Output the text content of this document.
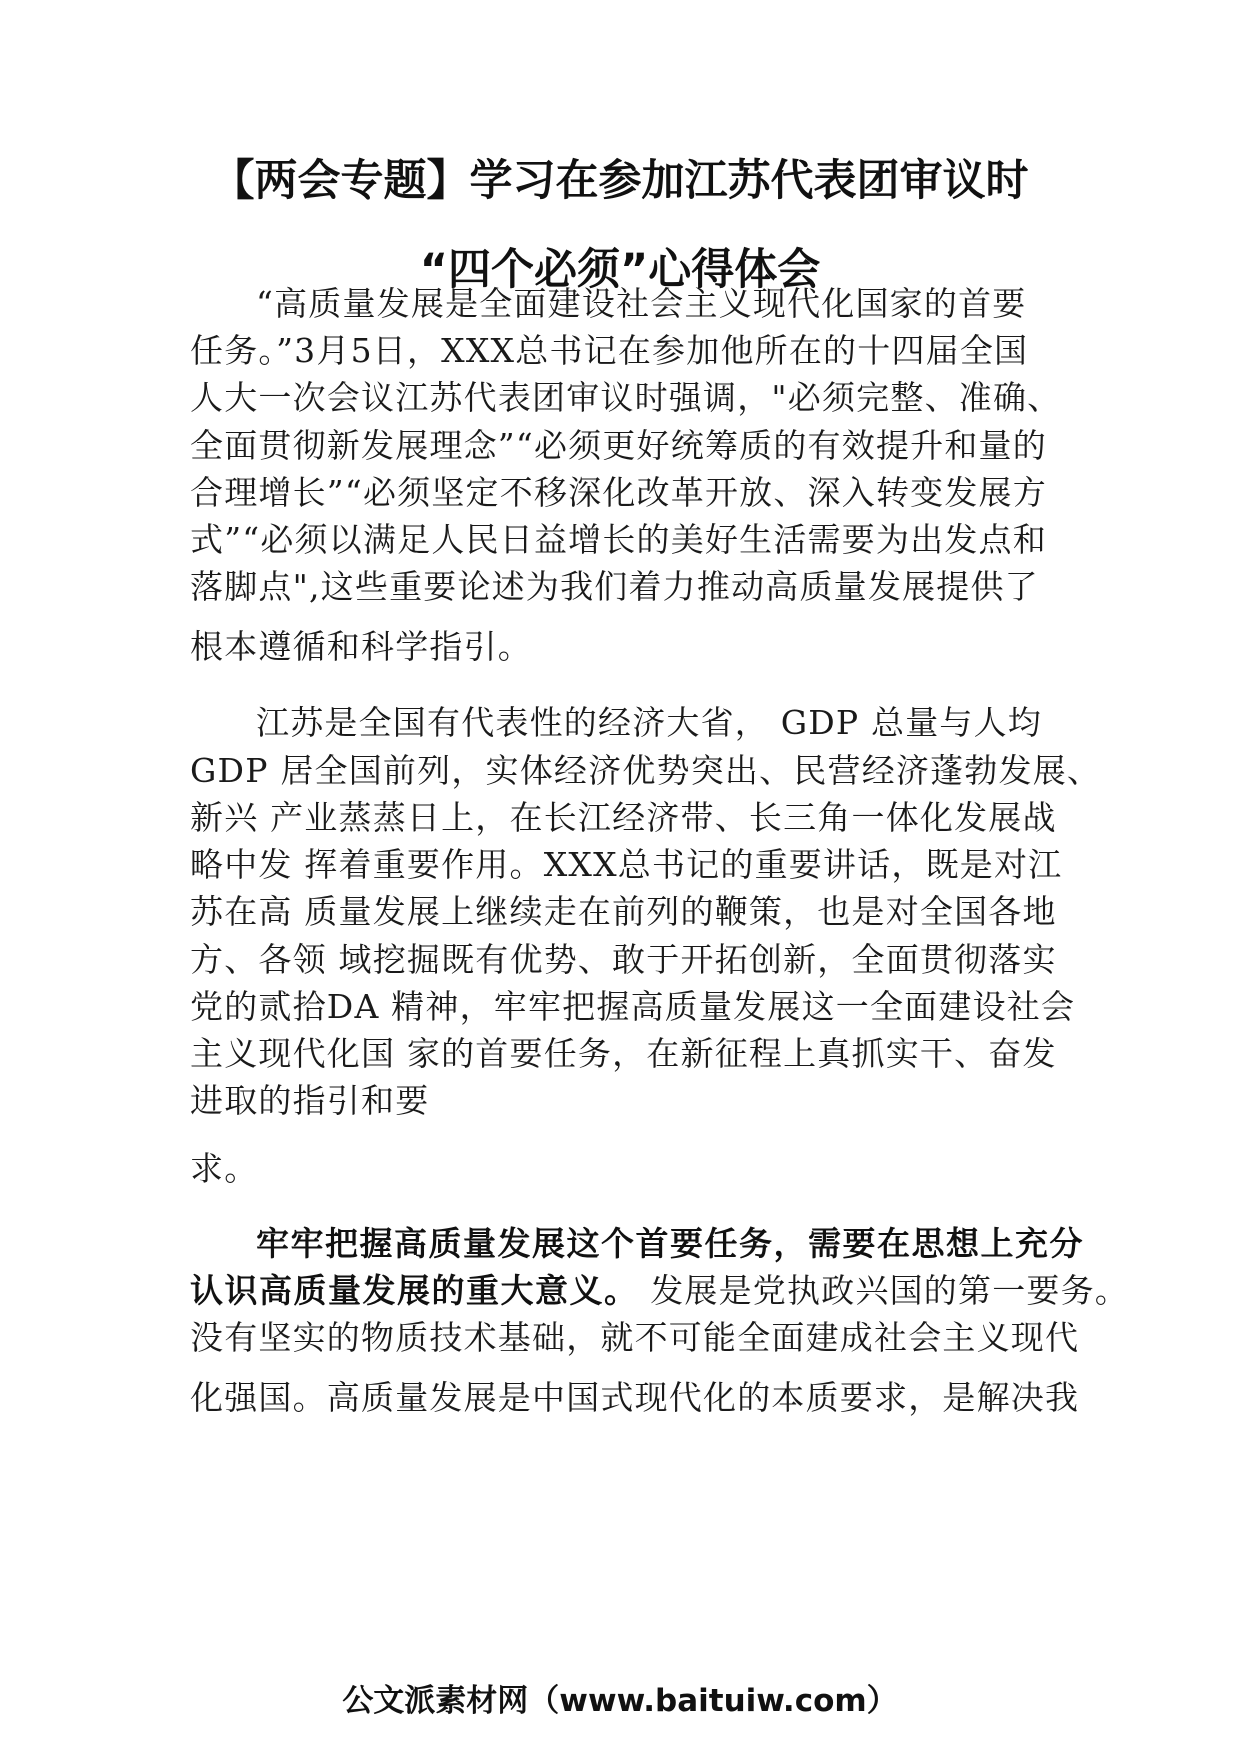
【两会专题】学习在参加江苏代表团审议时
“四个必须”心得体会
“高质量发展是全面建设社会主义现代化国家的首要
任务。”3月5日，XXX总书记在参加他所在的十四届全国
人大一次会议江苏代表团审议时强调，"必须完整、准确、
全面贯彻新发展理念”“必须更好统筹质的有效提升和量的
合理增长”“必须坚定不移深化改革开放、深入转变发展方
式”“必须以满足人民日益增长的美好生活需要为出发点和
落脚点",这些重要论述为我们着力推动高质量发展提供了
根本遵循和科学指引。
江苏是全国有代表性的经济大省， GDP 总量与人均
GDP 居全国前列，实体经济优势突出、民营经济蓬勃发展、
新兴 产业蒸蒸日上，在长江经济带、长三角一体化发展战
略中发 挥着重要作用。XXX总书记的重要讲话，既是对江
苏在高 质量发展上继续走在前列的鞭策，也是对全国各地
方、各领 域挖掘既有优势、敢于开拓创新，全面贯彻落实
党的贰拾DA 精神，牢牢把握高质量发展这一全面建设社会
主义现代化国 家的首要任务，在新征程上真抓实干、奋发
进取的指引和要
求。
牢牢把握高质量发展这个首要任务，需要在思想上充分
认识高质量发展的重大意义。 发展是党执政兴国的第一要务。
没有坚实的物质技术基础，就不可能全面建成社会主义现代
化强国。高质量发展是中国式现代化的本质要求，是解决我
公文派素材网（www.baituiw.com）
